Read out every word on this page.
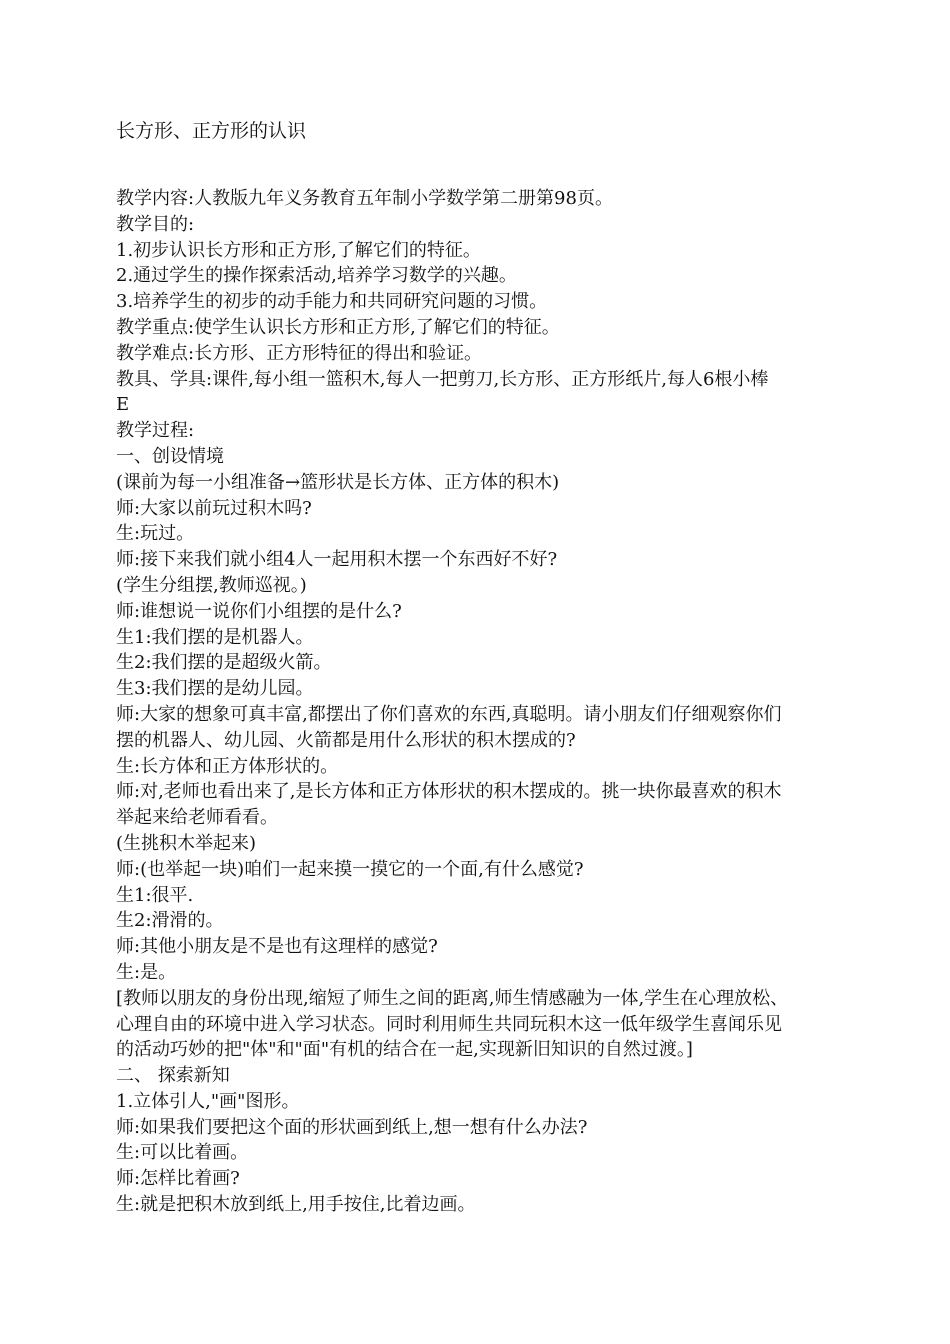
长方形、正方形的认识
教学内容:人教版九年义务教育五年制小学数学第二册第98页。
教学目的:
1.初步认识长方形和正方形,了解它们的特征。
2.通过学生的操作探索活动,培养学习数学的兴趣。
3.培养学生的初步的动手能力和共同研究问题的习惯。
教学重点:使学生认识长方形和正方形,了解它们的特征。
教学难点:长方形、正方形特征的得出和验证。
教具、学具:课件,每小组一篮积木,每人一把剪刀,长方形、正方形纸片,每人6根小棒
E
教学过程:
一、创设情境
(课前为每一小组准备→篮形状是长方体、正方体的积木)
师:大家以前玩过积木吗?
生:玩过。
师:接下来我们就小组4人一起用积木摆一个东西好不好?
(学生分组摆,教师巡视。)
师:谁想说一说你们小组摆的是什么?
生1:我们摆的是机器人。
生2:我们摆的是超级火箭。
生3:我们摆的是幼儿园。
师:大家的想象可真丰富,都摆出了你们喜欢的东西,真聪明。请小朋友们仔细观察你们
摆的机器人、幼儿园、火箭都是用什么形状的积木摆成的?
生:长方体和正方体形状的。
师:对,老师也看出来了,是长方体和正方体形状的积木摆成的。挑一块你最喜欢的积木
举起来给老师看看。
(生挑积木举起来)
师:(也举起一块)咱们一起来摸一摸它的一个面,有什么感觉?
生1:很平.
生2:滑滑的。
师:其他小朋友是不是也有这理样的感觉?
生:是。
[教师以朋友的身份出现,缩短了师生之间的距离,师生情感融为一体,学生在心理放松、
心理自由的环境中进入学习状态。同时利用师生共同玩积木这一低年级学生喜闻乐见
的活动巧妙的把"体"和"面"有机的结合在一起,实现新旧知识的自然过渡。]
二、 探索新知
1.立体引人,"画"图形。
师:如果我们要把这个面的形状画到纸上,想一想有什么办法?
生:可以比着画。
师:怎样比着画?
生:就是把积木放到纸上,用手按住,比着边画。
